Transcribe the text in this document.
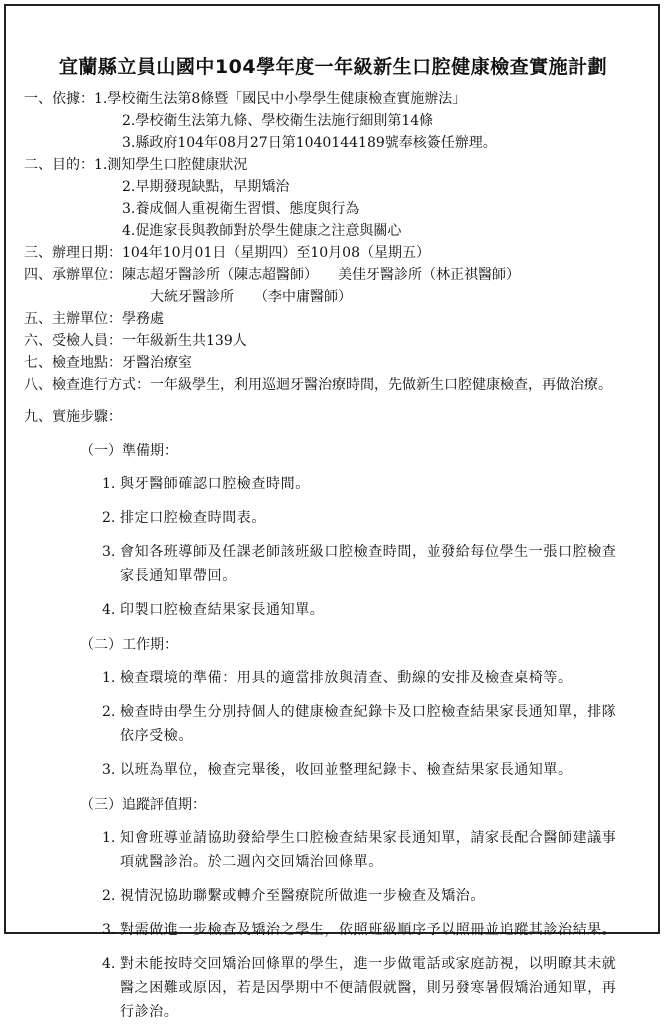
宜蘭縣立員山國中104學年度一年級新生口腔健康檢查實施計劃
一、依據： 1.學校衛生法第8條暨「國民中小學學生健康檢查實施辦法」
2.學校衛生法第九條、學校衛生法施行細則第14條
3.縣政府104年08月27日第1040144189號奉核簽任辦理。
二、目的： 1.測知學生口腔健康狀況
2.早期發現缺點，早期矯治
3.養成個人重視衛生習慣、態度與行為
4.促進家長與教師對於學生健康之注意與關心
三、辦理日期： 104年10月01日（星期四）至10月08（星期五）
四、承辦單位： 陳志超牙醫診所（陳志超醫師） 美佳牙醫診所（林正祺醫師）
大統牙醫診所 （李中庸醫師）
五、主辦單位： 學務處
六、受檢人員： 一年級新生共139人
七、檢查地點： 牙醫治療室
八、檢查進行方式： 一年級學生，利用巡迴牙醫治療時間，先做新生口腔健康檢查，再做治療。
九、實施步驟：
（一）準備期：
1. 與牙醫師確認口腔檢查時間。
2. 排定口腔檢查時間表。
3. 會知各班導師及任課老師該班級口腔檢查時間，並發給每位學生一張口腔檢查家長通知單帶回。
4. 印製口腔檢查結果家長通知單。
（二）工作期：
1. 檢查環境的準備：用具的適當排放與清查、動線的安排及檢查桌椅等。
2. 檢查時由學生分別持個人的健康檢查紀錄卡及口腔檢查結果家長通知單，排隊依序受檢。
3. 以班為單位，檢查完畢後，收回並整理紀錄卡、檢查結果家長通知單。
（三）追蹤評值期：
1. 知會班導並請協助發給學生口腔檢查結果家長通知單，請家長配合醫師建議事項就醫診治。於二週內交回矯治回條單。
2. 視情況協助聯繫或轉介至醫療院所做進一步檢查及矯治。
3. 對需做進一步檢查及矯治之學生，依照班級順序予以照冊並追蹤其診治結果。
4. 對未能按時交回矯治回條單的學生，進一步做電話或家庭訪視，以明瞭其未就醫之困難或原因，若是因學期中不便請假就醫，則另發寒暑假矯治通知單，再行診治。
